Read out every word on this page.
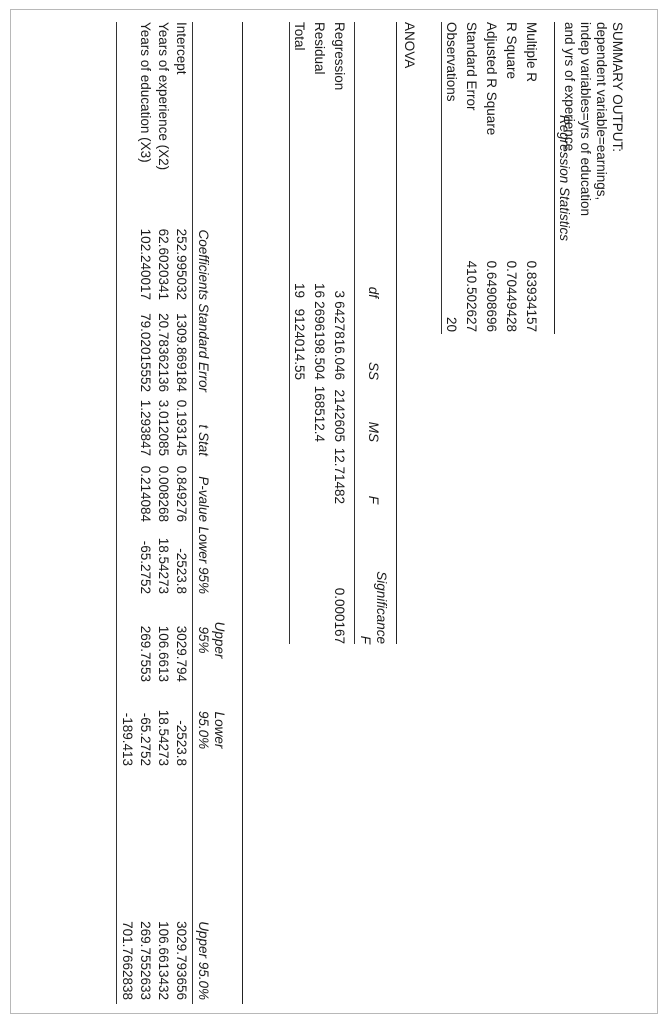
SUMMARY OUTPUT:
dependent variable=earnings,
indep variables=yrs of education
and yrs of experience
Multiple R
0.83934157
R Square
0.70449428
Adjusted R Square
0.64908696
Standard Error
410.502627
Observations
20
ANOVA
df
SS
MS
F
Significance
F
Regression
3
6427816.046
2142605
12.71482
0.000167
Residual
16
2696198.504
168512.4
Total
19
9124014.55
Coefficients
Standard Error
t Stat
P-value
Lower 95%
Upper
95%
Lower
95.0%
Upper 95.0%
Intercept
252.995032
1309.869184
0.193145
0.849276
-2523.8
3029.794
-2523.8
3029.793656
Years of experience (X2)
62.6020341
20.78362136
3.012085
0.008268
18.54273
106.6613
18.54273
106.6613432
Years of education (X3)
102.240017
79.02015552
1.293847
0.214084
-65.2752
269.7553
-65.2752
269.7552633
-189.413
701.7662838
Regression Statistics
